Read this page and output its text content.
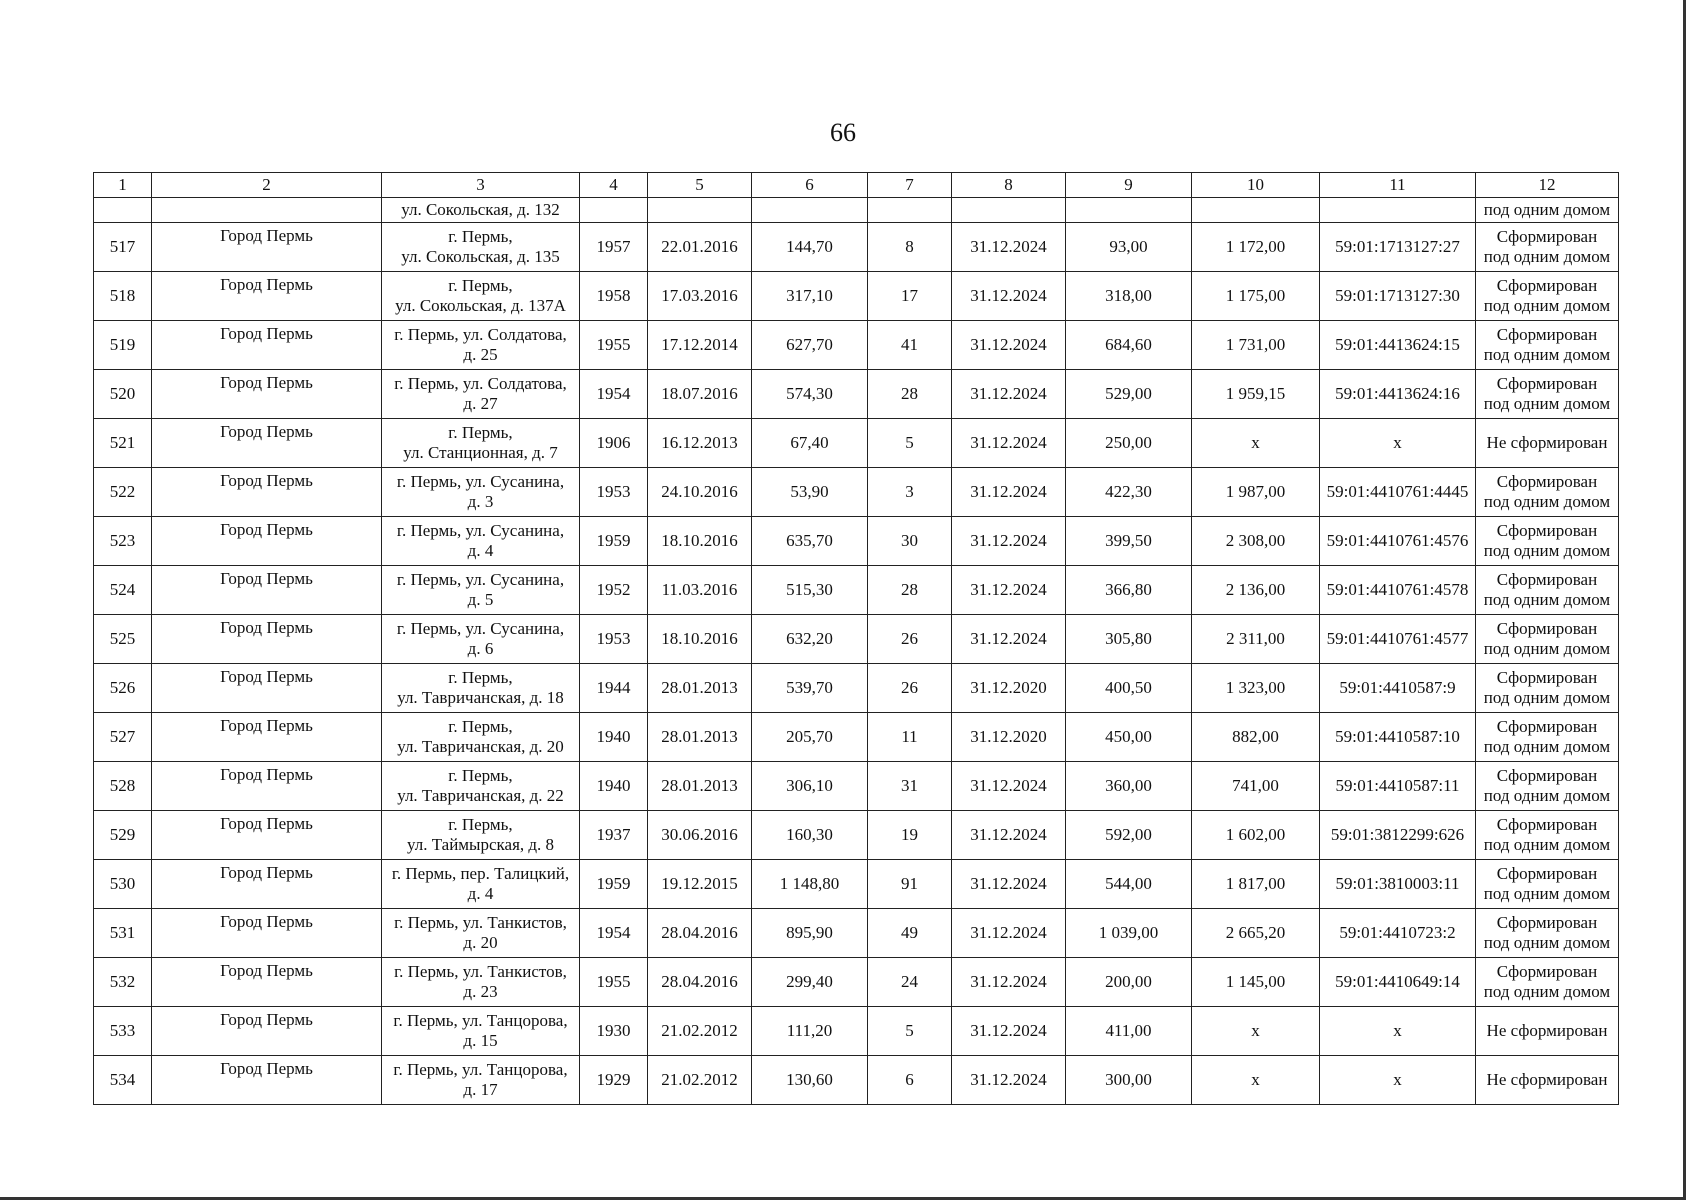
66
1	2	3	4	5	6	7	8	9	10	11	12
		ул. Сокольская, д. 132									под одним домом
517	Город Пермь	г. Пермь,
ул. Сокольская, д. 135	1957	22.01.2016	144,70	8	31.12.2024	93,00	1 172,00	59:01:1713127:27	Сформирован
под одним домом
518	Город Пермь	г. Пермь,
ул. Сокольская, д. 137А	1958	17.03.2016	317,10	17	31.12.2024	318,00	1 175,00	59:01:1713127:30	Сформирован
под одним домом
519	Город Пермь	г. Пермь, ул. Солдатова,
д. 25	1955	17.12.2014	627,70	41	31.12.2024	684,60	1 731,00	59:01:4413624:15	Сформирован
под одним домом
520	Город Пермь	г. Пермь, ул. Солдатова,
д. 27	1954	18.07.2016	574,30	28	31.12.2024	529,00	1 959,15	59:01:4413624:16	Сформирован
под одним домом
521	Город Пермь	г. Пермь,
ул. Станционная, д. 7	1906	16.12.2013	67,40	5	31.12.2024	250,00	х	х	Не сформирован
522	Город Пермь	г. Пермь, ул. Сусанина,
д. 3	1953	24.10.2016	53,90	3	31.12.2024	422,30	1 987,00	59:01:4410761:4445	Сформирован
под одним домом
523	Город Пермь	г. Пермь, ул. Сусанина,
д. 4	1959	18.10.2016	635,70	30	31.12.2024	399,50	2 308,00	59:01:4410761:4576	Сформирован
под одним домом
524	Город Пермь	г. Пермь, ул. Сусанина,
д. 5	1952	11.03.2016	515,30	28	31.12.2024	366,80	2 136,00	59:01:4410761:4578	Сформирован
под одним домом
525	Город Пермь	г. Пермь, ул. Сусанина,
д. 6	1953	18.10.2016	632,20	26	31.12.2024	305,80	2 311,00	59:01:4410761:4577	Сформирован
под одним домом
526	Город Пермь	г. Пермь,
ул. Тавричанская, д. 18	1944	28.01.2013	539,70	26	31.12.2020	400,50	1 323,00	59:01:4410587:9	Сформирован
под одним домом
527	Город Пермь	г. Пермь,
ул. Тавричанская, д. 20	1940	28.01.2013	205,70	11	31.12.2020	450,00	882,00	59:01:4410587:10	Сформирован
под одним домом
528	Город Пермь	г. Пермь,
ул. Тавричанская, д. 22	1940	28.01.2013	306,10	31	31.12.2024	360,00	741,00	59:01:4410587:11	Сформирован
под одним домом
529	Город Пермь	г. Пермь,
ул. Таймырская, д. 8	1937	30.06.2016	160,30	19	31.12.2024	592,00	1 602,00	59:01:3812299:626	Сформирован
под одним домом
530	Город Пермь	г. Пермь, пер. Талицкий,
д. 4	1959	19.12.2015	1 148,80	91	31.12.2024	544,00	1 817,00	59:01:3810003:11	Сформирован
под одним домом
531	Город Пермь	г. Пермь, ул. Танкистов,
д. 20	1954	28.04.2016	895,90	49	31.12.2024	1 039,00	2 665,20	59:01:4410723:2	Сформирован
под одним домом
532	Город Пермь	г. Пермь, ул. Танкистов,
д. 23	1955	28.04.2016	299,40	24	31.12.2024	200,00	1 145,00	59:01:4410649:14	Сформирован
под одним домом
533	Город Пермь	г. Пермь, ул. Танцорова,
д. 15	1930	21.02.2012	111,20	5	31.12.2024	411,00	х	х	Не сформирован
534	Город Пермь	г. Пермь, ул. Танцорова,
д. 17	1929	21.02.2012	130,60	6	31.12.2024	300,00	х	х	Не сформирован
